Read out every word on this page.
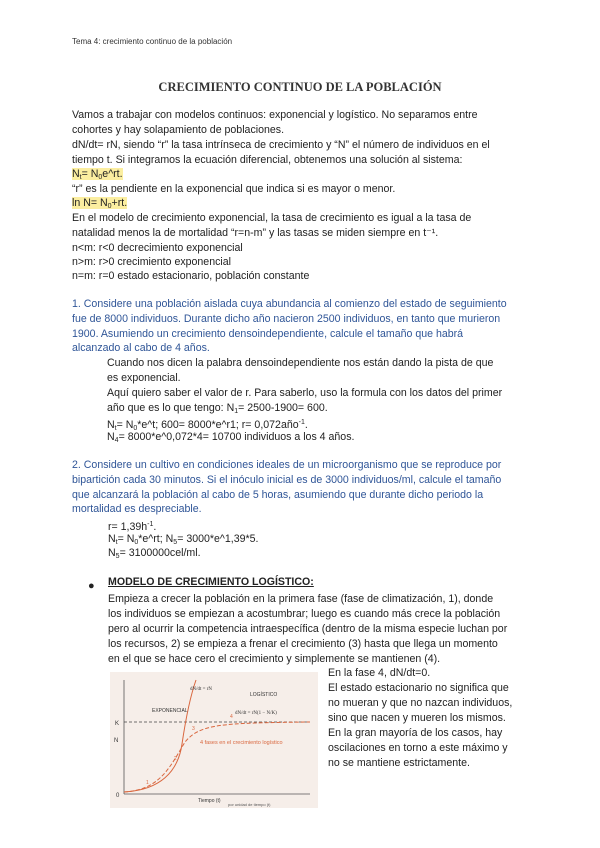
Tema 4: crecimiento continuo de la población
CRECIMIENTO CONTINUO DE LA POBLACIÓN
Vamos a trabajar con modelos continuos: exponencial y logístico. No separamos entre
cohortes y hay solapamiento de poblaciones.
dN/dt= rN, siendo “r” la tasa intrínseca de crecimiento y “N” el número de individuos en el
tiempo t. Si integramos la ecuación diferencial, obtenemos una solución al sistema:
$N_t=$ $N_0e\^{}rt$.
“r” es la pendiente en la exponencial que indica si es mayor o menor.
$\ln N= N_0+rt$.
En el modelo de crecimiento exponencial, la tasa de crecimiento es igual a la tasa de
natalidad menos la de mortalidad “r=n-m” y las tasas se miden siempre en t⁻¹.
n<m: r<0 decrecimiento exponencial
n>m: r>0 crecimiento exponencial
n=m: r=0 estado estacionario, población constante
1. Considere una población aislada cuya abundancia al comienzo del estado de seguimiento
fue de 8000 individuos. Durante dicho año nacieron 2500 individuos, en tanto que murieron
1900. Asumiendo un crecimiento densoindependiente, calcule el tamaño que habrá
alcanzado al cabo de 4 años.
Cuando nos dicen la palabra densoindependiente nos están dando la pista de que
es exponencial.
Aquí quiero saber el valor de r. Para saberlo, uso la formula con los datos del primer
año que es lo que tengo: $N_1= 2500-1900= 600$.
$N_t=$ $N_0*e\^{}t$; 600= 8000*e^r1; r= 0,072año$^{-1}$.
$N_4=$ 8000*e^0,072*4= 10700 individuos a los 4 años.
2. Considere un cultivo en condiciones ideales de un microorganismo que se reproduce por
bipartición cada 30 minutos. Si el inóculo inicial es de 3000 individuos/ml, calcule el tamaño
que alcanzará la población al cabo de 5 horas, asumiendo que durante dicho periodo la
mortalidad es despreciable.
$r= 1,39h^{-1}$.
$N_t=$ $N_0*e\^{}rt$; $N_5=$ 3000*e^1,39*5.
$N_5= 3100000cel/ml$.
● MODELO DE CRECIMIENTO LOGÍSTICO:
Empieza a crecer la población en la primera fase (fase de climatización, 1), donde
los individuos se empiezan a acostumbrar; luego es cuando más crece la población
pero al ocurrir la competencia intraespecífica (dentro de la misma especie luchan por
los recursos, 2) se empieza a frenar el crecimiento (3) hasta que llega un momento
en el que se hace cero el crecimiento y simplemente se mantienen (4).
K
N
0
EXPONENCIAL
LOGÍSTICO
dN/dt = rN
dN/dt = rN(1 − N/K)
1
2
3
4
4 fases en el crecimiento logístico
Tiempo (t)
por unidad de tiempo (t)
En la fase 4, dN/dt=0.
El estado estacionario no significa que
no mueran y que no nazcan individuos,
sino que nacen y mueren los mismos.
En la gran mayoría de los casos, hay
oscilaciones en torno a este máximo y
no se mantiene estrictamente.
